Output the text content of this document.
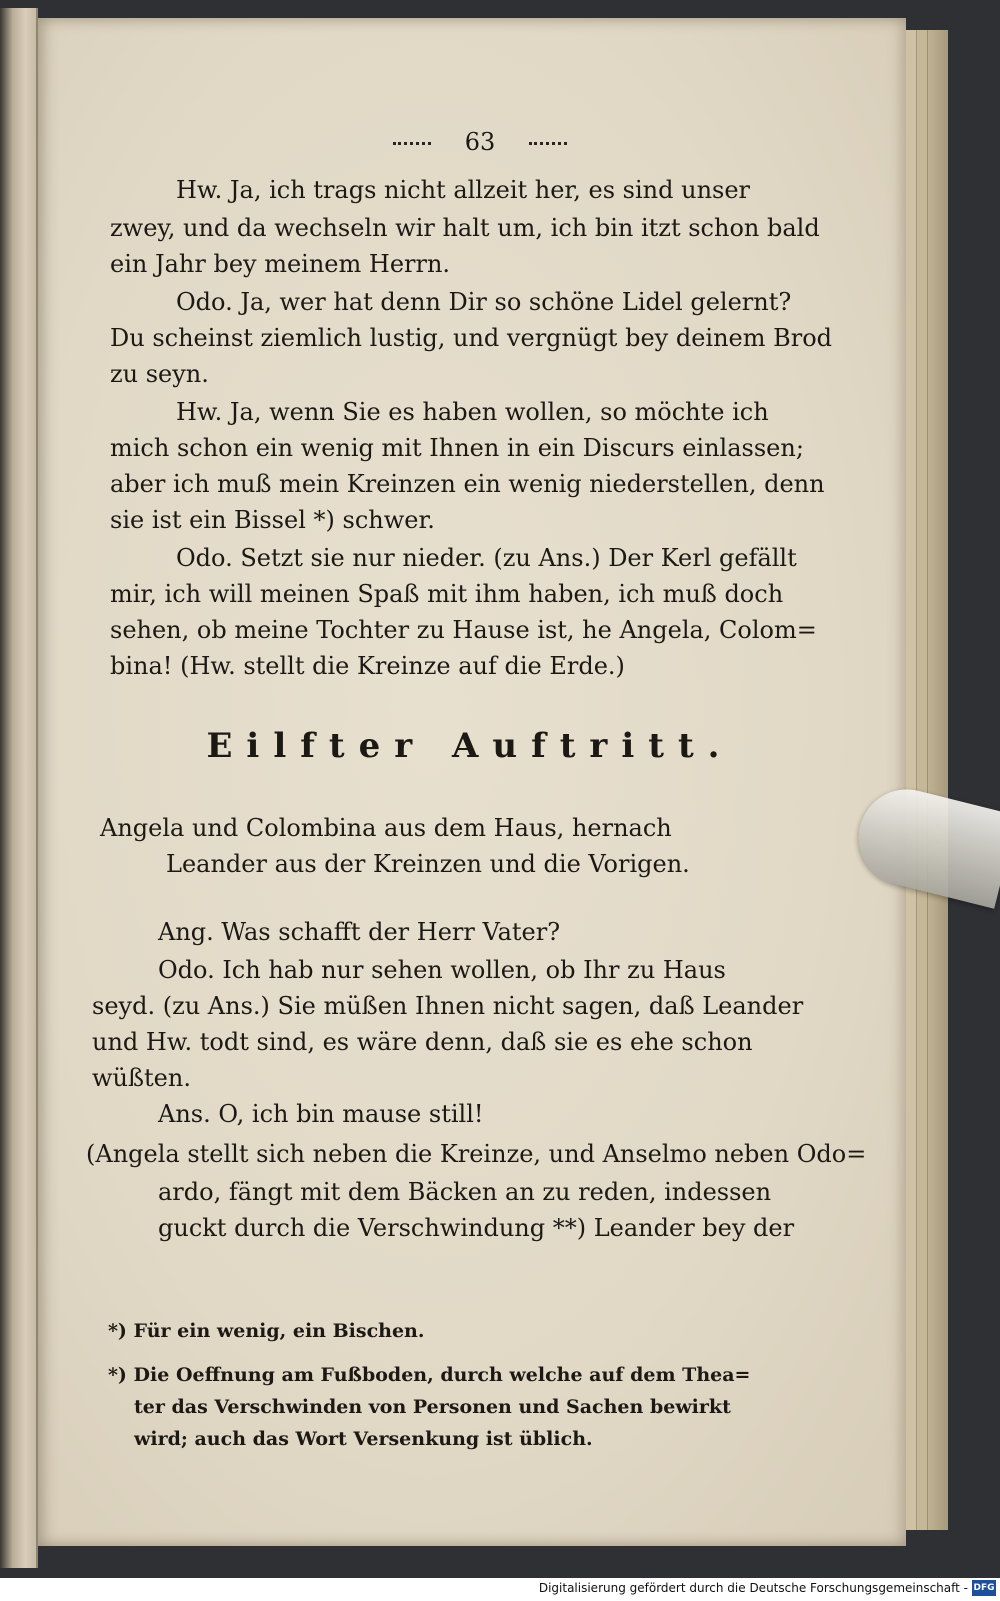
63
Hw. Ja, ich trags nicht allzeit her, es sind unser
zwey, und da wechseln wir halt um, ich bin itzt schon bald
ein Jahr bey meinem Herrn.
Odo. Ja, wer hat denn Dir so schöne Lidel gelernt?
Du scheinst ziemlich lustig, und vergnügt bey deinem Brod
zu seyn.
Hw. Ja, wenn Sie es haben wollen, so möchte ich
mich schon ein wenig mit Ihnen in ein Discurs einlassen;
aber ich muß mein Kreinzen ein wenig niederstellen, denn
sie ist ein Bissel *) schwer.
Odo. Setzt sie nur nieder. (zu Ans.) Der Kerl gefällt
mir, ich will meinen Spaß mit ihm haben, ich muß doch
sehen, ob meine Tochter zu Hause ist, he Angela, Colom=
bina! (Hw. stellt die Kreinze auf die Erde.)
Eilfter Auftritt.
Angela und Colombina aus dem Haus, hernach
Leander aus der Kreinzen und die Vorigen.
Ang. Was schafft der Herr Vater?
Odo. Ich hab nur sehen wollen, ob Ihr zu Haus
seyd. (zu Ans.) Sie müßen Ihnen nicht sagen, daß Leander
und Hw. todt sind, es wäre denn, daß sie es ehe schon
wüßten.
Ans. O, ich bin mause still!
(Angela stellt sich neben die Kreinze, und Anselmo neben Odo=
ardo, fängt mit dem Bäcken an zu reden, indessen
guckt durch die Verschwindung **) Leander bey der
*) Für ein wenig, ein Bischen.
*) Die Oeffnung am Fußboden, durch welche auf dem Thea=
ter das Verschwinden von Personen und Sachen bewirkt
wird; auch das Wort Versenkung ist üblich.
Digitalisierung gefördert durch die Deutsche Forschungsgemeinschaft - DFG
